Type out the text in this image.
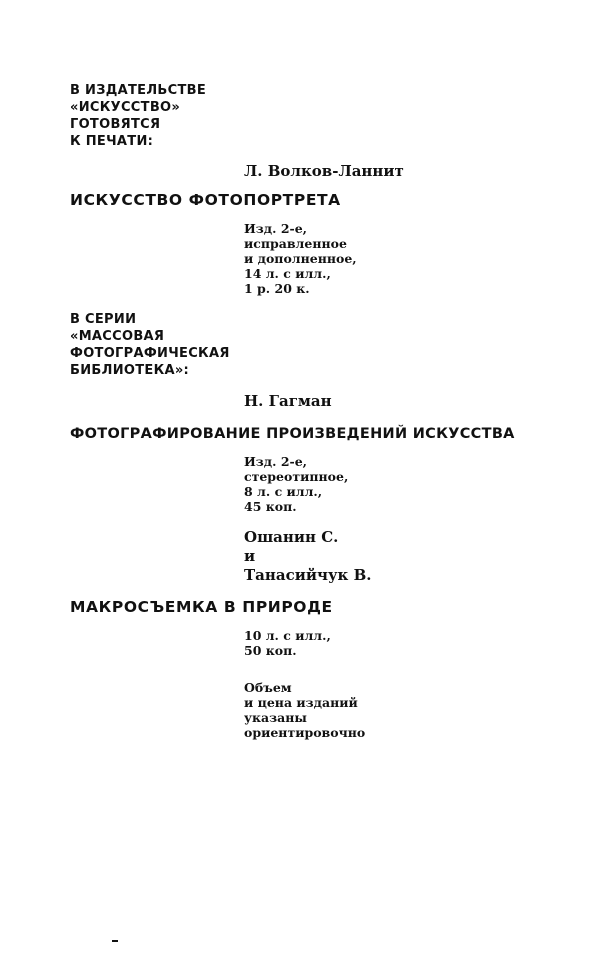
В ИЗДАТЕЛЬСТВЕ
«ИСКУССТВО»
ГОТОВЯТСЯ
К ПЕЧАТИ:
Л. Волков-Ланнит
ИСКУССТВО ФОТОПОРТРЕТА
Изд. 2-е,
исправленное
и дополненное,
14 л. с илл.,
1 р. 20 к.
В СЕРИИ
«МАССОВАЯ
ФОТОГРАФИЧЕСКАЯ
БИБЛИОТЕКА»:
Н. Гагман
ФОТОГРАФИРОВАНИЕ ПРОИЗВЕДЕНИЙ ИСКУССТВА
Изд. 2-е,
стереотипное,
8 л. с илл.,
45 коп.
Ошанин С.
и
Танасийчук В.
МАКРОСЪЕМКА В ПРИРОДЕ
10 л. с илл.,
50 коп.
Объем
и цена изданий
указаны
ориентировочно
